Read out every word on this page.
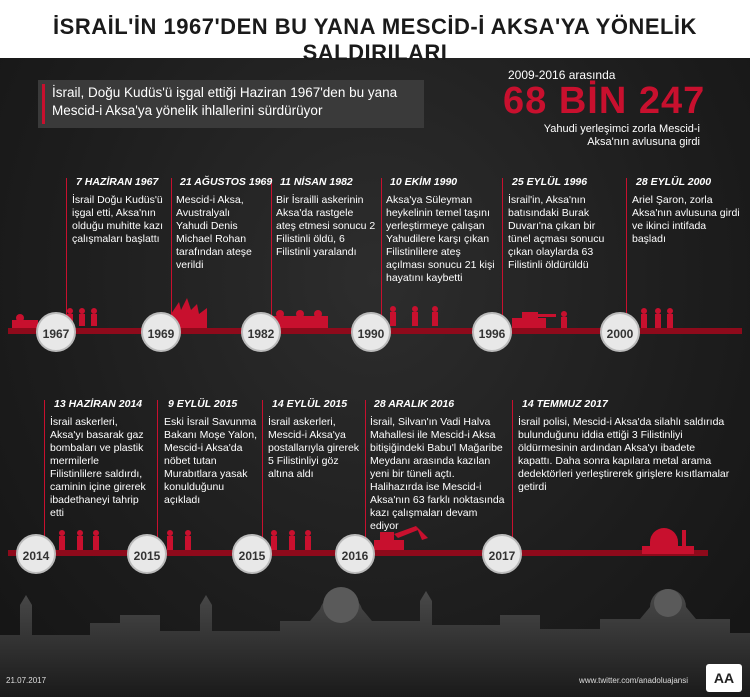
İSRAİL'İN 1967'DEN BU YANA MESCİD-İ AKSA'YA YÖNELİK SALDIRILARI
İsrail, Doğu Kudüs'ü işgal ettiği Haziran 1967'den bu yana Mescid-i Aksa'ya yönelik ihlallerini sürdürüyor
2009-2016 arasında
68 BİN 247
Yahudi yerleşimci zorla Mescid-i Aksa'nın avlusuna girdi
7 HAZİRAN 1967
İsrail Doğu Kudüs'ü işgal etti, Aksa'nın olduğu muhitte kazı çalışmaları başlattı
21 AĞUSTOS 1969
Mescid-i Aksa, Avustralyalı Yahudi Denis Michael Rohan tarafından ateşe verildi
11 NİSAN 1982
Bir İsrailli askerinin Aksa'da rastgele ateş etmesi sonucu 2 Filistinli öldü, 6 Filistinli yaralandı
10 EKİM 1990
Aksa'ya Süleyman heykelinin temel taşını yerleştirmeye çalışan Yahudilere karşı çıkan Filistinlilere ateş açılması sonucu 21 kişi hayatını kaybetti
25 EYLÜL 1996
İsrail'in, Aksa'nın batısındaki Burak Duvarı'na çıkan bir tünel açması sonucu çıkan olaylarda 63 Filistinli öldürüldü
28 EYLÜL 2000
Ariel Şaron, zorla Aksa'nın avlusuna girdi ve ikinci intifada başladı
13 HAZİRAN 2014
İsrail askerleri, Aksa'yı basarak gaz bombaları ve plastik mermilerle Filistinlilere saldırdı, caminin içine girerek ibadethaneyi tahrip etti
9 EYLÜL 2015
Eski İsrail Savunma Bakanı Moşe Yalon, Mescid-i Aksa'da nöbet tutan Murabıtlara yasak konulduğunu açıkladı
14 EYLÜL 2015
İsrail askerleri, Mescid-i Aksa'ya postallarıyla girerek 5 Filistinliyi göz altına aldı
28 ARALIK 2016
İsrail, Silvan'ın Vadi Halva Mahallesi ile Mescid-i Aksa bitişiğindeki Babu'l Mağaribe Meydanı arasında kazılan yeni bir tüneli açtı. Halihazırda ise Mescid-i Aksa'nın 63 farklı noktasında kazı çalışmaları devam ediyor
14 TEMMUZ 2017
İsrail polisi, Mescid-i Aksa'da silahlı saldırıda bulunduğunu iddia ettiği 3 Filistinliyi öldürmesinin ardından Aksa'yı ibadete kapattı. Daha sonra kapılara metal arama dedektörleri yerleştirerek girişlere kısıtlamalar getirdi
1967	1969	1982	1990	1996	2000
2014	2015	2015	2016	2017
21.07.2017	www.twitter.com/anadoluajansi	AA
